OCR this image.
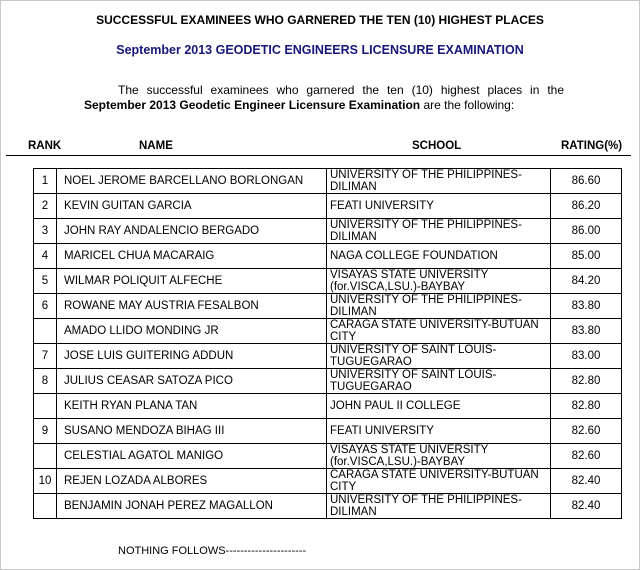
SUCCESSFUL EXAMINEES WHO GARNERED THE TEN (10) HIGHEST PLACES
September 2013 GEODETIC ENGINEERS LICENSURE EXAMINATION
The successful examinees who garnered the ten (10) highest places in the
September 2013 Geodetic Engineer Licensure Examination are the following:
RANK	NAME	SCHOOL	RATING(%)
1	NOEL JEROME BARCELLANO BORLONGAN	UNIVERSITY OF THE PHILIPPINES-DILIMAN	86.60
2	KEVIN GUITAN GARCIA	FEATI UNIVERSITY	86.20
3	JOHN RAY ANDALENCIO BERGADO	UNIVERSITY OF THE PHILIPPINES-DILIMAN	86.00
4	MARICEL CHUA MACARAIG	NAGA COLLEGE FOUNDATION	85.00
5	WILMAR POLIQUIT ALFECHE	VISAYAS STATE UNIVERSITY (for.VISCA,LSU.)-BAYBAY	84.20
6	ROWANE MAY AUSTRIA FESALBON	UNIVERSITY OF THE PHILIPPINES-DILIMAN	83.80
	AMADO LLIDO MONDING JR	CARAGA STATE UNIVERSITY-BUTUAN CITY	83.80
7	JOSE LUIS GUITERING ADDUN	UNIVERSITY OF SAINT LOUIS-TUGUEGARAO	83.00
8	JULIUS CEASAR SATOZA PICO	UNIVERSITY OF SAINT LOUIS-TUGUEGARAO	82.80
	KEITH RYAN PLANA TAN	JOHN PAUL II COLLEGE	82.80
9	SUSANO MENDOZA BIHAG III	FEATI UNIVERSITY	82.60
	CELESTIAL AGATOL MANIGO	VISAYAS STATE UNIVERSITY (for.VISCA,LSU.)-BAYBAY	82.60
10	REJEN LOZADA ALBORES	CARAGA STATE UNIVERSITY-BUTUAN CITY	82.40
	BENJAMIN JONAH PEREZ MAGALLON	UNIVERSITY OF THE PHILIPPINES-DILIMAN	82.40
NOTHING FOLLOWS----------------------
